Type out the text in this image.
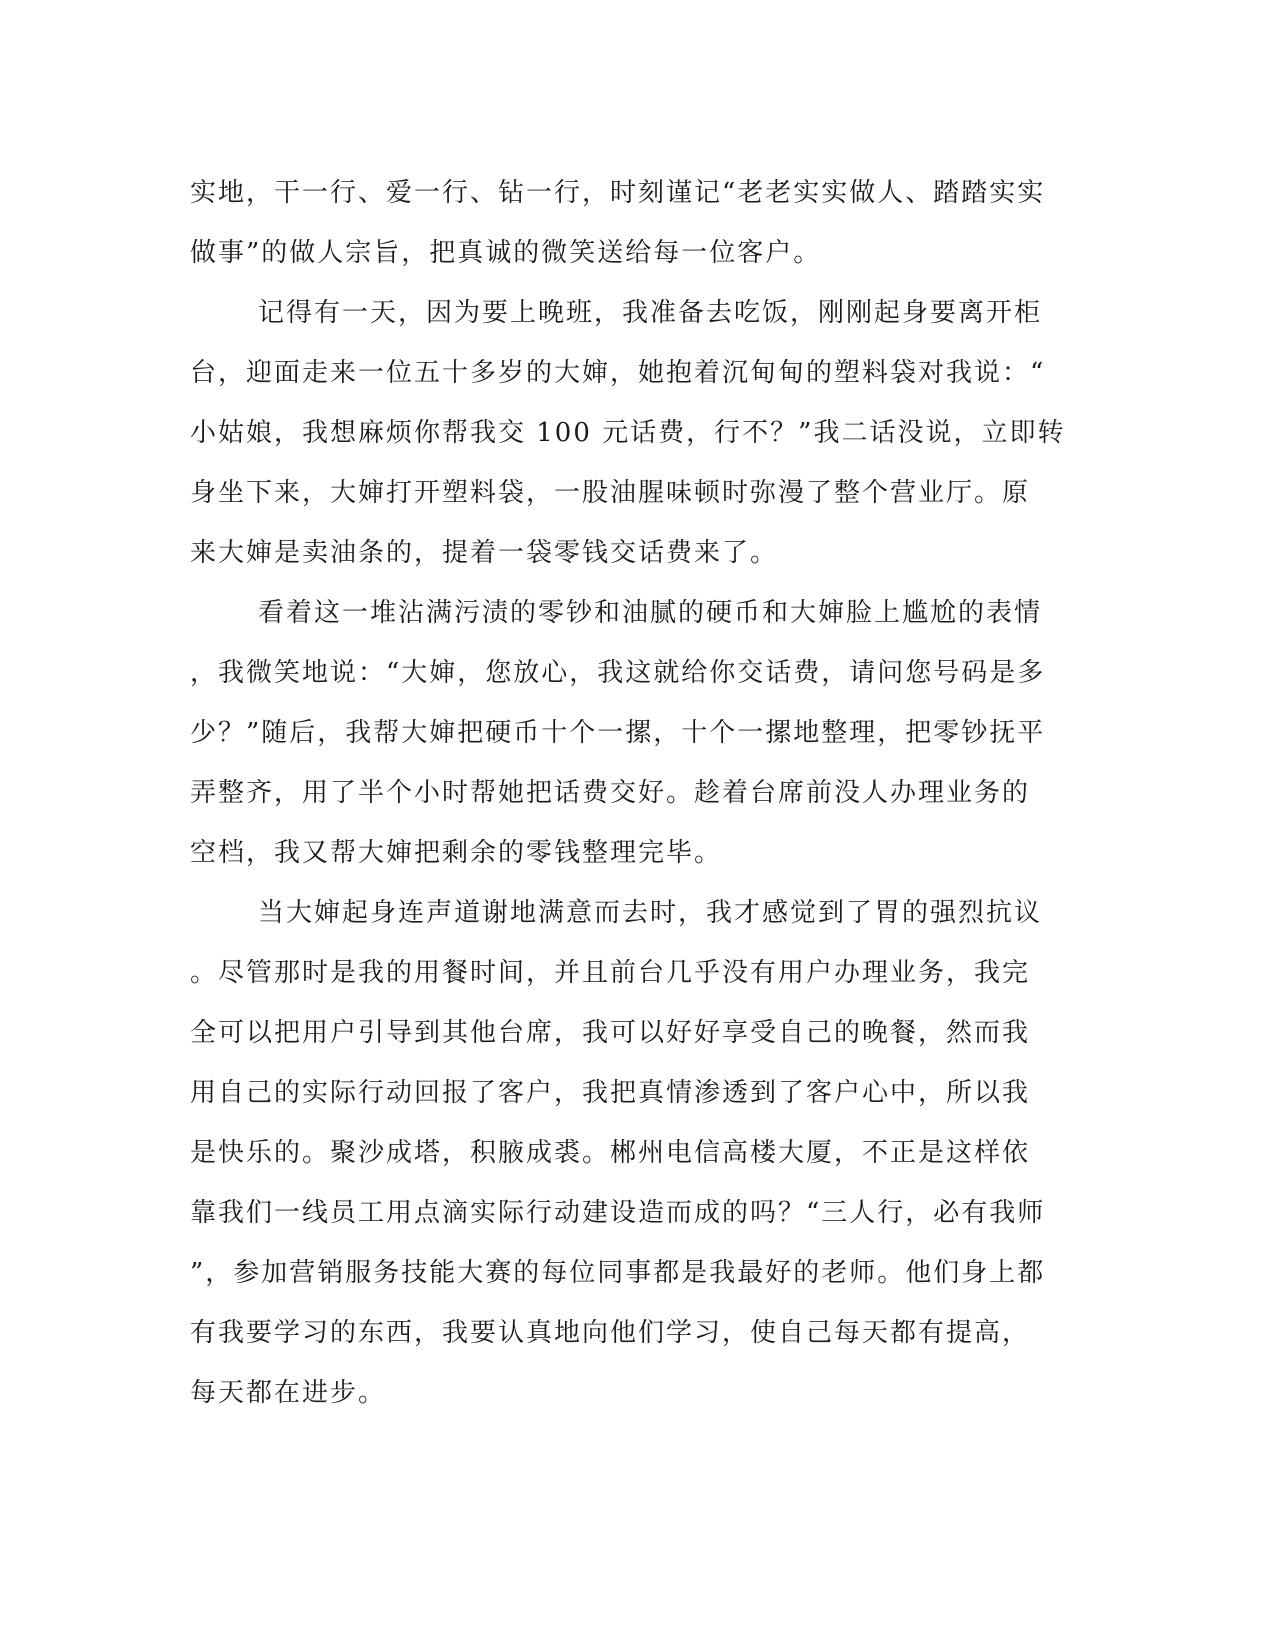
实地，干一行、爱一行、钻一行，时刻谨记“老老实实做人、踏踏实实
做事”的做人宗旨，把真诚的微笑送给每一位客户。
记得有一天，因为要上晚班，我准备去吃饭，刚刚起身要离开柜
台，迎面走来一位五十多岁的大婶，她抱着沉甸甸的塑料袋对我说：“
小姑娘，我想麻烦你帮我交 100 元话费，行不？”我二话没说，立即转
身坐下来，大婶打开塑料袋，一股油腥味顿时弥漫了整个营业厅。原
来大婶是卖油条的，提着一袋零钱交话费来了。
看着这一堆沾满污渍的零钞和油腻的硬币和大婶脸上尴尬的表情
，我微笑地说：“大婶，您放心，我这就给你交话费，请问您号码是多
少？”随后，我帮大婶把硬币十个一摞，十个一摞地整理，把零钞抚平
弄整齐，用了半个小时帮她把话费交好。趁着台席前没人办理业务的
空档，我又帮大婶把剩余的零钱整理完毕。
当大婶起身连声道谢地满意而去时，我才感觉到了胃的强烈抗议
。尽管那时是我的用餐时间，并且前台几乎没有用户办理业务，我完
全可以把用户引导到其他台席，我可以好好享受自己的晚餐，然而我
用自己的实际行动回报了客户，我把真情渗透到了客户心中，所以我
是快乐的。聚沙成塔，积腋成裘。郴州电信高楼大厦，不正是这样依
靠我们一线员工用点滴实际行动建设造而成的吗？“三人行，必有我师
”，参加营销服务技能大赛的每位同事都是我最好的老师。他们身上都
有我要学习的东西，我要认真地向他们学习，使自己每天都有提高，
每天都在进步。
